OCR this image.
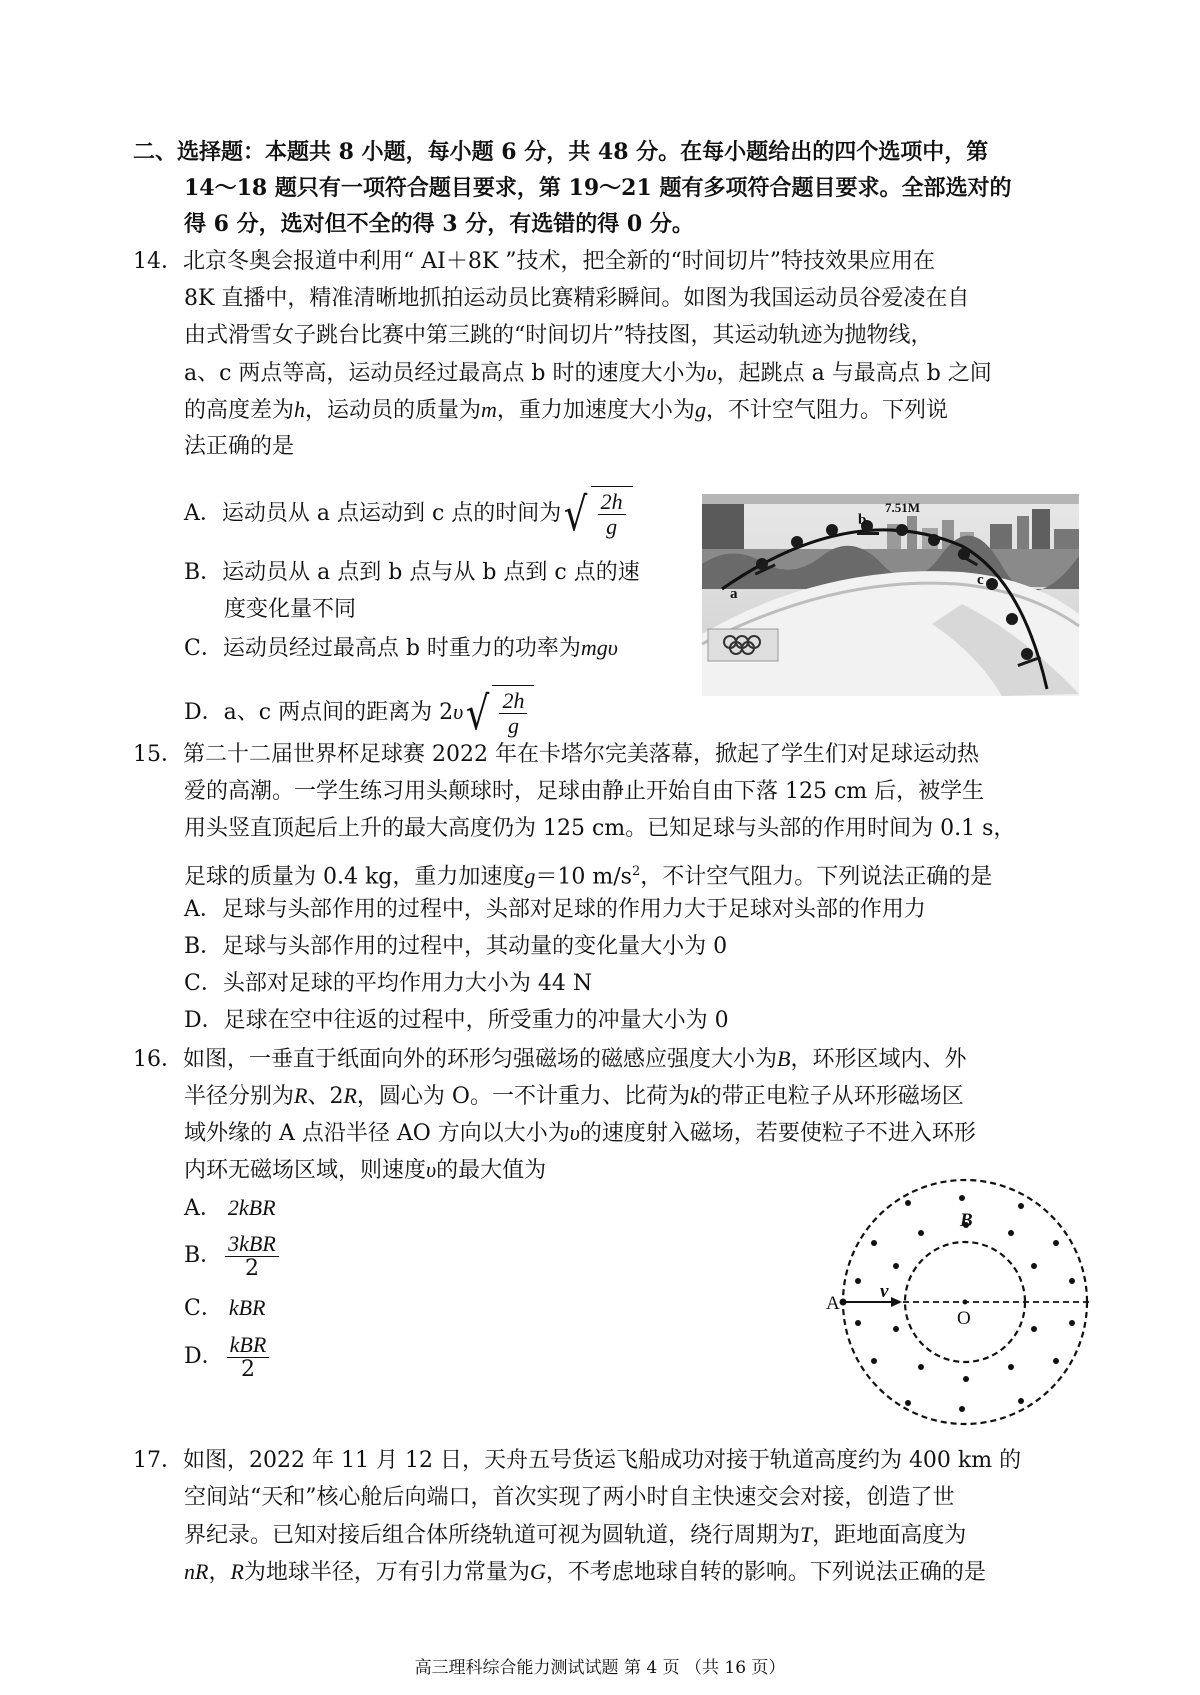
二、选择题：本题共 8 小题，每小题 6 分，共 48 分。在每小题给出的四个选项中，第
14～18 题只有一项符合题目要求，第 19～21 题有多项符合题目要求。全部选对的
得 6 分，选对但不全的得 3 分，有选错的得 0 分。
14．北京冬奥会报道中利用“ AI＋8K ”技术，把全新的“时间切片”特技效果应用在
8K 直播中，精准清晰地抓拍运动员比赛精彩瞬间。如图为我国运动员谷爱凌在自
由式滑雪女子跳台比赛中第三跳的“时间切片”特技图，其运动轨迹为抛物线，
a、c 两点等高，运动员经过最高点 b 时的速度大小为υ，起跳点 a 与最高点 b 之间
的高度差为h，运动员的质量为m，重力加速度大小为g，不计空气阻力。下列说
法正确的是
A．运动员从 a 点运动到 c 点的时间为 √ $\frac{2h}{g}$
B．运动员从 a 点到 b 点与从 b 点到 c 点的速
度变化量不同
C．运动员经过最高点 b 时重力的功率为mgυ
D．a、c 两点间的距离为 2υ √ $\frac{2h}{g}$
7.51M
a
b
c
15．第二十二届世界杯足球赛 2022 年在卡塔尔完美落幕，掀起了学生们对足球运动热
爱的高潮。一学生练习用头颠球时，足球由静止开始自由下落 125 cm 后，被学生
用头竖直顶起后上升的最大高度仍为 125 cm。已知足球与头部的作用时间为 0.1 s，
足球的质量为 0.4 kg，重力加速度g＝10 $m/s^2$，不计空气阻力。下列说法正确的是
A．足球与头部作用的过程中，头部对足球的作用力大于足球对头部的作用力
B．足球与头部作用的过程中，其动量的变化量大小为 0
C．头部对足球的平均作用力大小为 44 N
D．足球在空中往返的过程中，所受重力的冲量大小为 0
16．如图，一垂直于纸面向外的环形匀强磁场的磁感应强度大小为B，环形区域内、外
半径分别为R、2R，圆心为 O。一不计重力、比荷为k的带正电粒子从环形磁场区
域外缘的 A 点沿半径 AO 方向以大小为υ的速度射入磁场，若要使粒子不进入环形
内环无磁场区域，则速度υ的最大值为
A． 2kBR
B． $\frac{\text{3kBR}}{2}$
C． kBR
D． $\frac{\text{kBR}}{2}$
B
v
A
O
17．如图，2022 年 11 月 12 日，天舟五号货运飞船成功对接于轨道高度约为 400 km 的
空间站“天和”核心舱后向端口，首次实现了两小时自主快速交会对接，创造了世
界纪录。已知对接后组合体所绕轨道可视为圆轨道，绕行周期为T，距地面高度为
nR，R为地球半径，万有引力常量为G，不考虑地球自转的影响。下列说法正确的是
高三理科综合能力测试试题 第 4 页 （共 16 页）
